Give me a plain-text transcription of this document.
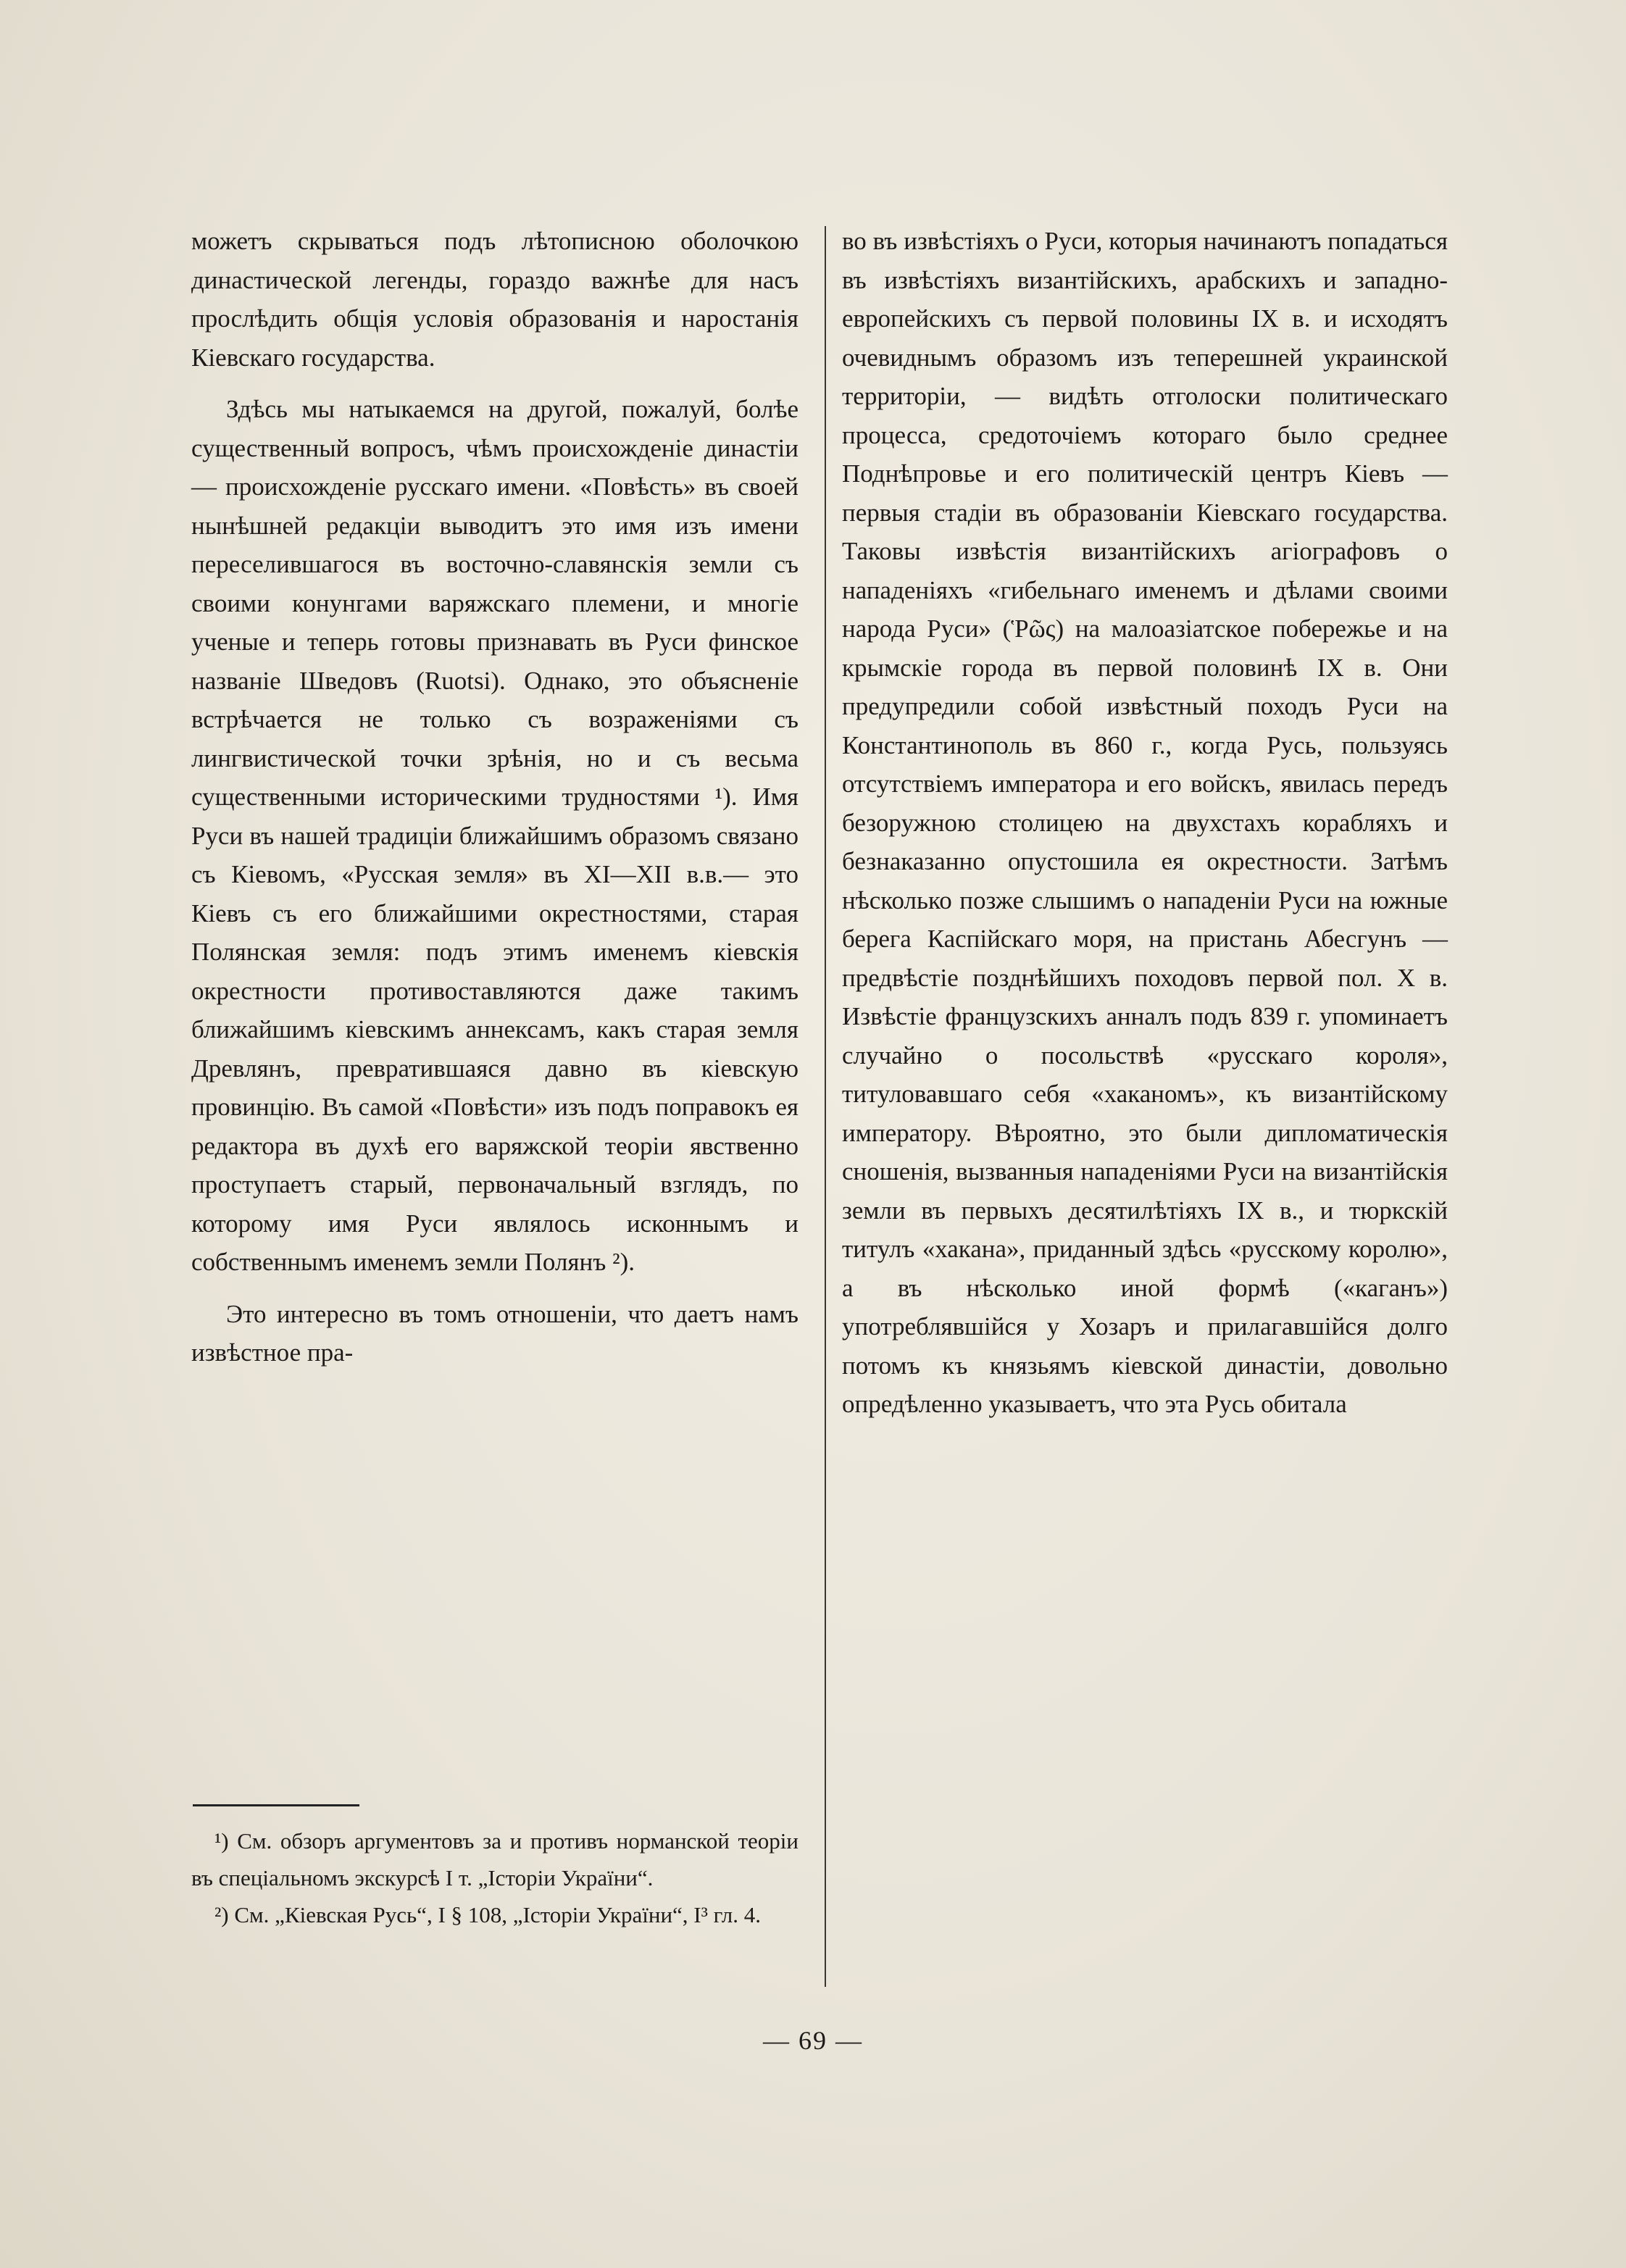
можетъ скрываться подъ лѣтописною оболочкою династической легенды, гораздо важнѣе для насъ прослѣдить общія условія образованія и наростанія Кіевскаго государства.

Здѣсь мы натыкаемся на другой, пожалуй, болѣе существенный вопросъ, чѣмъ происхожденіе династіи — происхожденіе русскаго имени. «Повѣсть» въ своей нынѣшней редакціи выводитъ это имя изъ имени переселившагося въ восточно-славянскія земли съ своими конунгами варяжскаго племени, и многіе ученые и теперь готовы признавать въ Руси финское названіе Шведовъ (Ruotsi). Однако, это объясненіе встрѣчается не только съ возраженіями съ лингвистической точки зрѣнія, но и съ весьма существенными историческими трудностями ¹). Имя Руси въ нашей традиціи ближайшимъ образомъ связано съ Кіевомъ, «Русская земля» въ XI—XII в.в.— это Кіевъ съ его ближайшими окрестностями, старая Полянская земля: подъ этимъ именемъ кіевскія окрестности противоставляются даже такимъ ближайшимъ кіевскимъ аннексамъ, какъ старая земля Древлянъ, превратившаяся давно въ кіевскую провинцію. Въ самой «Повѣсти» изъ подъ поправокъ ея редактора въ духѣ его варяжской теоріи явственно проступаетъ старый, первоначальный взглядъ, по которому имя Руси являлось исконнымъ и собственнымъ именемъ земли Полянъ ²).

Это интересно въ томъ отношеніи, что даетъ намъ извѣстное пра-

во въ извѣстіяхъ о Руси, которыя начинаютъ попадаться въ извѣстіяхъ византійскихъ, арабскихъ и западно-европейскихъ съ первой половины IX в. и исходятъ очевиднымъ образомъ изъ теперешней украинской территоріи, — видѣть отголоски политическаго процесса, средоточіемъ котораго было среднее Поднѣпровье и его политическій центръ Кіевъ — первыя стадіи въ образованіи Кіевскаго государства. Таковы извѣстія византійскихъ агіографовъ о нападеніяхъ «гибельнаго именемъ и дѣлами своими народа Руси» (Ῥῶς) на малоазіатское побережье и на крымскіе города въ первой половинѣ IX в. Они предупредили собой извѣстный походъ Руси на Константинополь въ 860 г., когда Русь, пользуясь отсутствіемъ императора и его войскъ, явилась передъ безоружною столицею на двухстахъ корабляхъ и безнаказанно опустошила ея окрестности. Затѣмъ нѣсколько позже слышимъ о нападеніи Руси на южные берега Каспійскаго моря, на пристань Абесгунъ — предвѣстіе позднѣйшихъ походовъ первой пол. X в. Извѣстіе французскихъ анналъ подъ 839 г. упоминаетъ случайно о посольствѣ «русскаго короля», титуловавшаго себя «хаканомъ», къ византійскому императору. Вѣроятно, это были дипломатическія сношенія, вызванныя нападеніями Руси на византійскія земли въ первыхъ десятилѣтіяхъ IX в., и тюркскій титулъ «хакана», приданный здѣсь «русскому королю», а въ нѣсколько иной формѣ («каганъ») употреблявшійся у Хозаръ и прилагавшійся долго потомъ къ князьямъ кіевской династіи, довольно опредѣленно указываетъ, что эта Русь обитала

¹) См. обзоръ аргументовъ за и противъ норманской теоріи въ спеціальномъ экскурсѣ I т. „Історіи України“.

²) См. „Кіевская Русь“, I § 108, „Історіи України“, I³ гл. 4.

— 69 —
